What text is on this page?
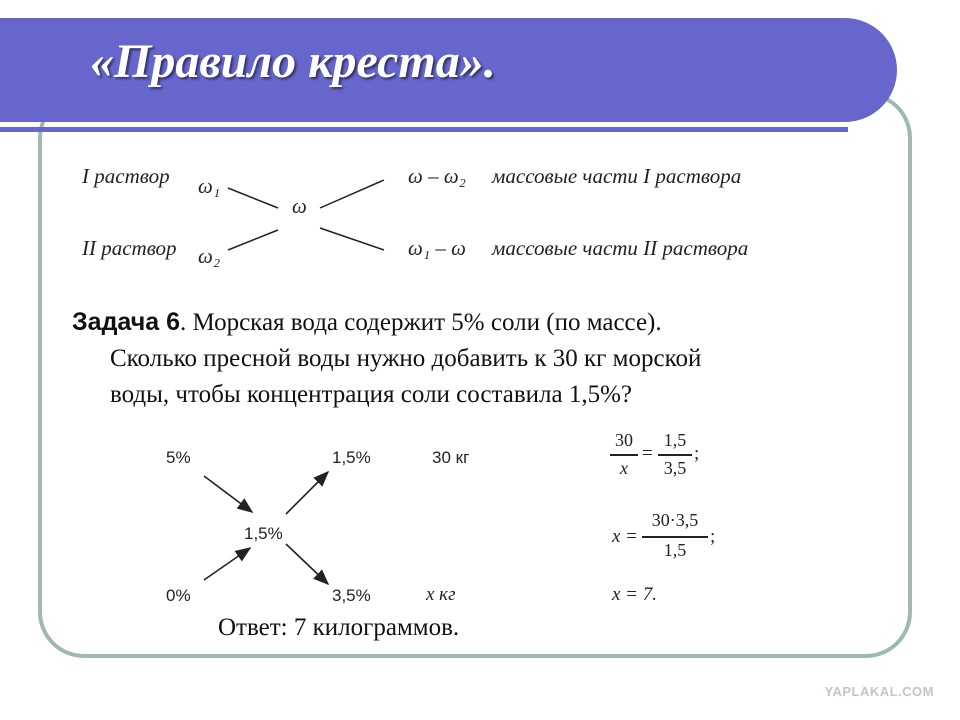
«Правило креста».
I раствор ω₁
ω
ω – ω₂ массовые части I раствора
II раствор ω₂	ω₁ – ω массовые части II раствора
Задача 6. Морская вода содержит 5% соли (по массе).
Сколько пресной воды нужно добавить к 30 кг морской
воды, чтобы концентрация соли составила 1,5%?
5%
0%
1,5%
1,5%
3,5%
30 кг
x кг
30
x
=
1,5
3,5
;
x =
30·3,5
1,5
;
x = 7.
Ответ: 7 килограммов.
YAPLAKAL.COM
